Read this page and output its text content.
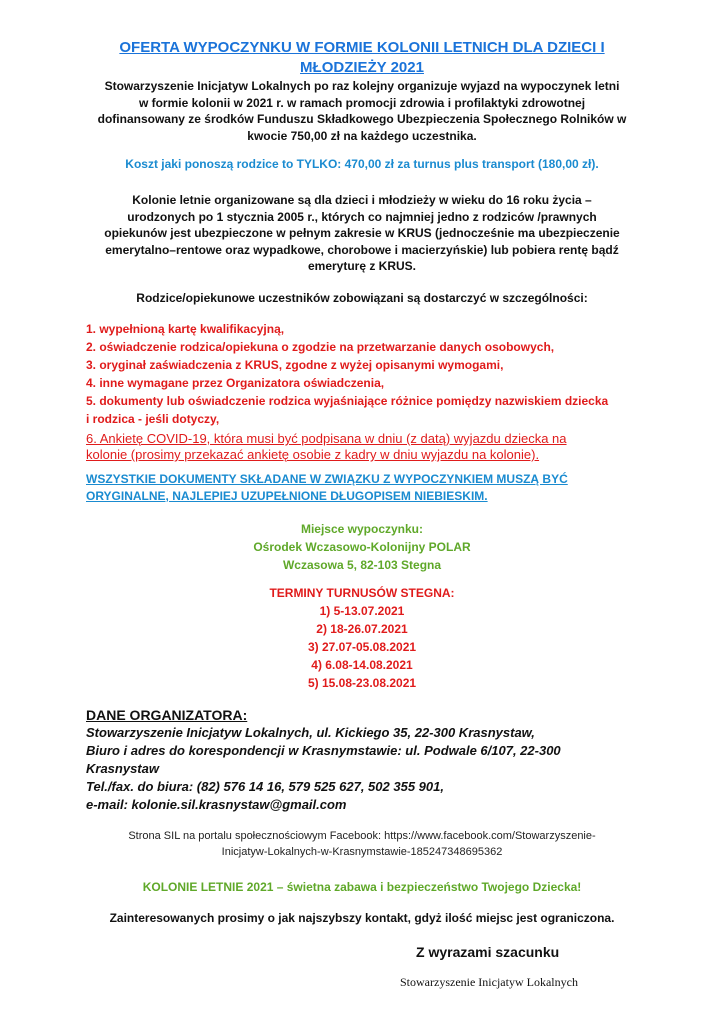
OFERTA WYPOCZYNKU W FORMIE KOLONII LETNICH DLA DZIECI I
MŁODZIEŻY 2021
Stowarzyszenie Inicjatyw Lokalnych po raz kolejny organizuje wyjazd na wypoczynek letni
w formie kolonii w 2021 r. w ramach promocji zdrowia i profilaktyki zdrowotnej
dofinansowany ze środków Funduszu Składkowego Ubezpieczenia Społecznego Rolników w
kwocie 750,00 zł na każdego uczestnika.
Koszt jaki ponoszą rodzice to TYLKO: 470,00 zł za turnus plus transport (180,00 zł).
Kolonie letnie organizowane są dla dzieci i młodzieży w wieku do 16 roku życia –
urodzonych po 1 stycznia 2005 r., których co najmniej jedno z rodziców /prawnych
opiekunów jest ubezpieczone w pełnym zakresie w KRUS (jednocześnie ma ubezpieczenie
emerytalno–rentowe oraz wypadkowe, chorobowe i macierzyńskie) lub pobiera rentę bądź
emeryturę z KRUS.
Rodzice/opiekunowe uczestników zobowiązani są dostarczyć w szczególności:
1. wypełnioną kartę kwalifikacyjną,
2. oświadczenie rodzica/opiekuna o zgodzie na przetwarzanie danych osobowych,
3. oryginał zaświadczenia z KRUS, zgodne z wyżej opisanymi wymogami,
4. inne wymagane przez Organizatora oświadczenia,
5. dokumenty lub oświadczenie rodzica wyjaśniające różnice pomiędzy nazwiskiem dziecka
i rodzica - jeśli dotyczy,
6. Ankietę COVID-19, która musi być podpisana w dniu (z datą) wyjazdu dziecka na
kolonie (prosimy przekazać ankietę osobie z kadry w dniu wyjazdu na kolonie).
WSZYSTKIE DOKUMENTY SKŁADANE W ZWIĄZKU Z WYPOCZYNKIEM MUSZĄ BYĆ
ORYGINALNE, NAJLEPIEJ UZUPEŁNIONE DŁUGOPISEM NIEBIESKIM.
Miejsce wypoczynku:
Ośrodek Wczasowo-Kolonijny POLAR
Wczasowa 5, 82-103 Stegna
TERMINY TURNUSÓW STEGNA:
1) 5-13.07.2021
2) 18-26.07.2021
3) 27.07-05.08.2021
4) 6.08-14.08.2021
5) 15.08-23.08.2021
DANE ORGANIZATORA:
Stowarzyszenie Inicjatyw Lokalnych, ul. Kickiego 35, 22-300 Krasnystaw,
Biuro i adres do korespondencji w Krasnymstawie: ul. Podwale 6/107, 22-300
Krasnystaw
Tel./fax. do biura: (82) 576 14 16, 579 525 627, 502 355 901,
e-mail: kolonie.sil.krasnystaw@gmail.com
Strona SIL na portalu społecznościowym Facebook: https://www.facebook.com/Stowarzyszenie-
Inicjatyw-Lokalnych-w-Krasnymstawie-185247348695362
KOLONIE LETNIE 2021 – świetna zabawa i bezpieczeństwo Twojego Dziecka!
Zainteresowanych prosimy o jak najszybszy kontakt, gdyż ilość miejsc jest ograniczona.
Z wyrazami szacunku
Stowarzyszenie Inicjatyw Lokalnych
